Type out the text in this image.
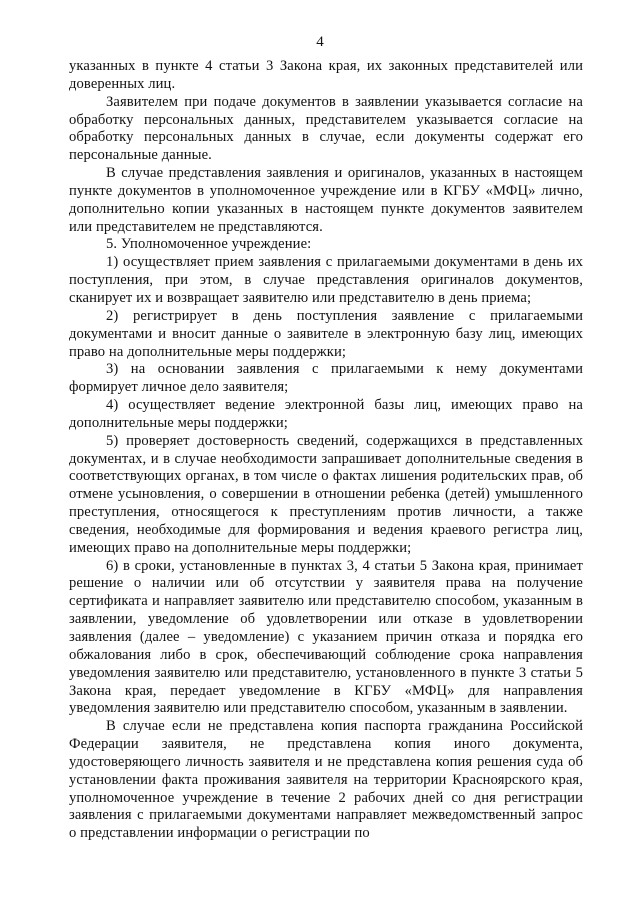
4

указанных в пункте 4 статьи 3 Закона края, их законных представителей или доверенных лиц.

Заявителем при подаче документов в заявлении указывается согласие на обработку персональных данных, представителем указывается согласие на обработку персональных данных в случае, если документы содержат его персональные данные.

В случае представления заявления и оригиналов, указанных в настоящем пункте документов в уполномоченное учреждение или в КГБУ «МФЦ» лично, дополнительно копии указанных в настоящем пункте документов заявителем или представителем не представляются.

5. Уполномоченное учреждение:

1) осуществляет прием заявления с прилагаемыми документами в день их поступления, при этом, в случае представления оригиналов документов, сканирует их и возвращает заявителю или представителю в день приема;

2) регистрирует в день поступления заявление с прилагаемыми документами и вносит данные о заявителе в электронную базу лиц, имеющих право на дополнительные меры поддержки;

3) на основании заявления с прилагаемыми к нему документами формирует личное дело заявителя;

4) осуществляет ведение электронной базы лиц, имеющих право на дополнительные меры поддержки;

5) проверяет достоверность сведений, содержащихся в представленных документах, и в случае необходимости запрашивает дополнительные сведения в соответствующих органах, в том числе о фактах лишения родительских прав, об отмене усыновления, о совершении в отношении ребенка (детей) умышленного преступления, относящегося к преступлениям против личности, а также сведения, необходимые для формирования и ведения краевого регистра лиц, имеющих право на дополнительные меры поддержки;

6) в сроки, установленные в пунктах 3, 4 статьи 5 Закона края, принимает решение о наличии или об отсутствии у заявителя права на получение сертификата и направляет заявителю или представителю способом, указанным в заявлении, уведомление об удовлетворении или отказе в удовлетворении заявления (далее – уведомление) с указанием причин отказа и порядка его обжалования либо в срок, обеспечивающий соблюдение срока направления уведомления заявителю или представителю, установленного в пункте 3 статьи 5 Закона края, передает уведомление в КГБУ «МФЦ» для направления уведомления заявителю или представителю способом, указанным в заявлении.

В случае если не представлена копия паспорта гражданина Российской Федерации заявителя, не представлена копия иного документа, удостоверяющего личность заявителя и не представлена копия решения суда об установлении факта проживания заявителя на территории Красноярского края, уполномоченное учреждение в течение 2 рабочих дней со дня регистрации заявления с прилагаемыми документами направляет межведомственный запрос о представлении информации о регистрации по
